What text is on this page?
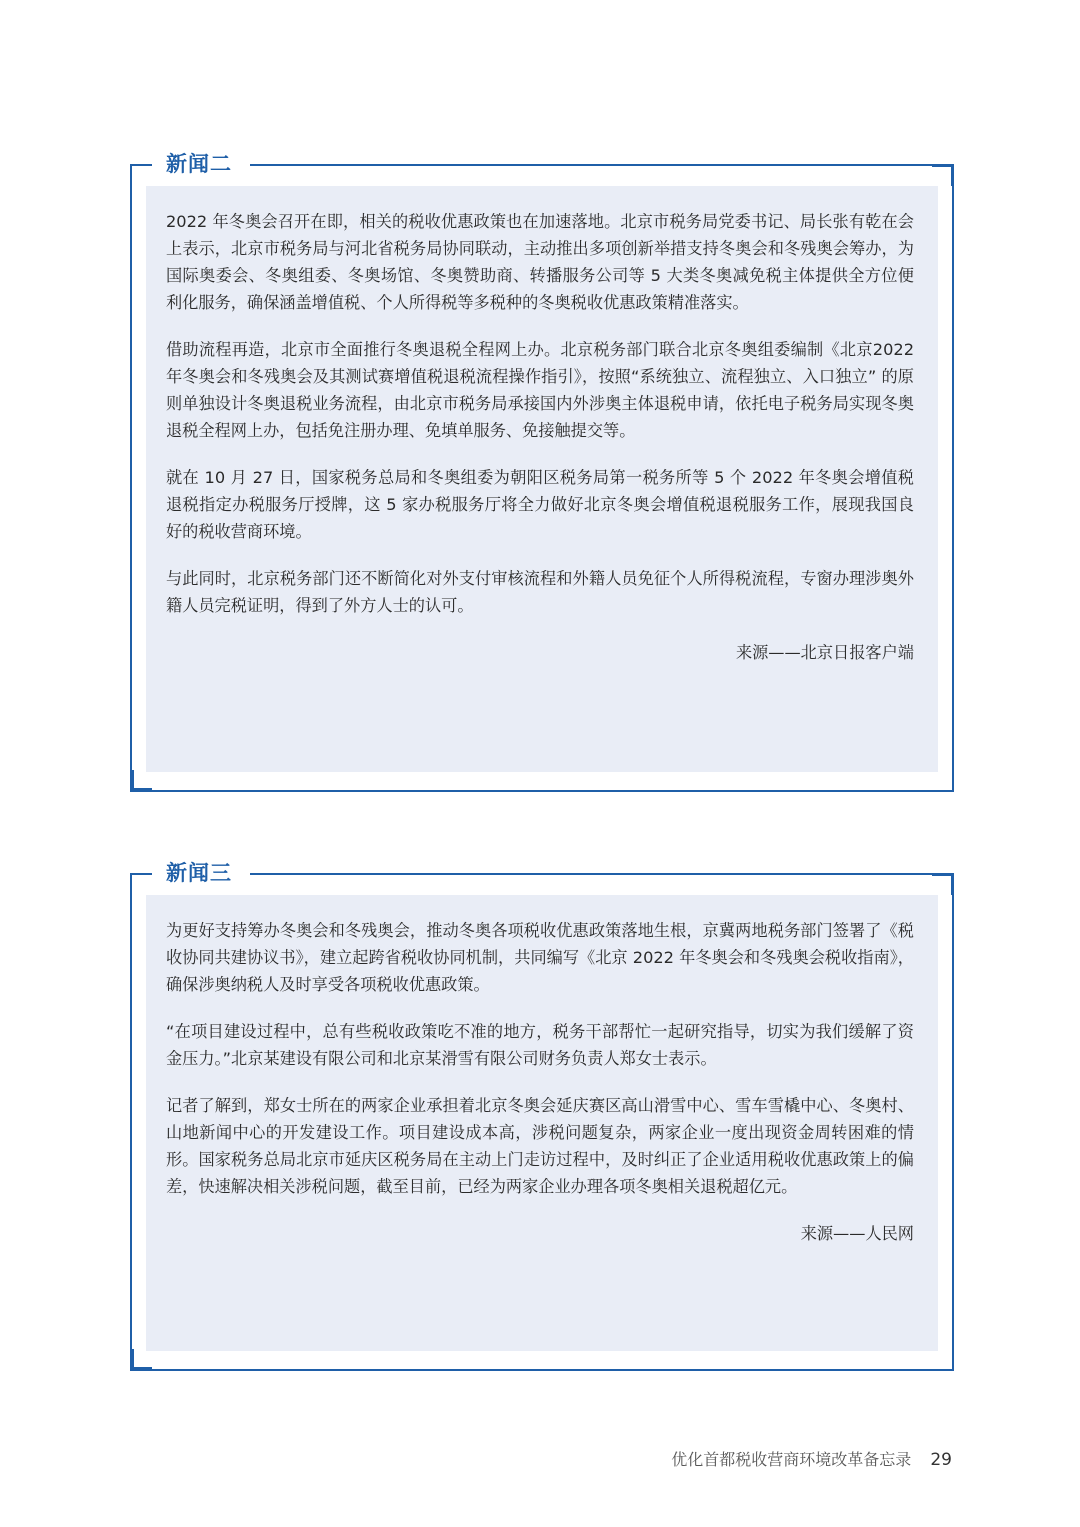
新闻二

2022 年冬奥会召开在即，相关的税收优惠政策也在加速落地。北京市税务局党委书记、局长张有乾在会上表示，北京市税务局与河北省税务局协同联动，主动推出多项创新举措支持冬奥会和冬残奥会筹办，为国际奥委会、冬奥组委、冬奥场馆、冬奥赞助商、转播服务公司等 5 大类冬奥减免税主体提供全方位便利化服务，确保涵盖增值税、个人所得税等多税种的冬奥税收优惠政策精准落实。

借助流程再造，北京市全面推行冬奥退税全程网上办。北京税务部门联合北京冬奥组委编制《北京2022年冬奥会和冬残奥会及其测试赛增值税退税流程操作指引》，按照“系统独立、流程独立、入口独立” 的原则单独设计冬奥退税业务流程，由北京市税务局承接国内外涉奥主体退税申请，依托电子税务局实现冬奥退税全程网上办，包括免注册办理、免填单服务、免接触提交等。

就在 10 月 27 日，国家税务总局和冬奥组委为朝阳区税务局第一税务所等 5 个 2022 年冬奥会增值税退税指定办税服务厅授牌，这 5 家办税服务厅将全力做好北京冬奥会增值税退税服务工作，展现我国良好的税收营商环境。

与此同时，北京税务部门还不断简化对外支付审核流程和外籍人员免征个人所得税流程，专窗办理涉奥外籍人员完税证明，得到了外方人士的认可。

来源——北京日报客户端

新闻三

为更好支持筹办冬奥会和冬残奥会，推动冬奥各项税收优惠政策落地生根，京冀两地税务部门签署了《税收协同共建协议书》，建立起跨省税收协同机制，共同编写《北京 2022 年冬奥会和冬残奥会税收指南》，确保涉奥纳税人及时享受各项税收优惠政策。

“在项目建设过程中，总有些税收政策吃不准的地方，税务干部帮忙一起研究指导，切实为我们缓解了资金压力。”北京某建设有限公司和北京某滑雪有限公司财务负责人郑女士表示。

记者了解到，郑女士所在的两家企业承担着北京冬奥会延庆赛区高山滑雪中心、雪车雪橇中心、冬奥村、山地新闻中心的开发建设工作。项目建设成本高，涉税问题复杂，两家企业一度出现资金周转困难的情形。国家税务总局北京市延庆区税务局在主动上门走访过程中，及时纠正了企业适用税收优惠政策上的偏差，快速解决相关涉税问题，截至目前，已经为两家企业办理各项冬奥相关退税超亿元。

来源——人民网

优化首都税收营商环境改革备忘录 29
